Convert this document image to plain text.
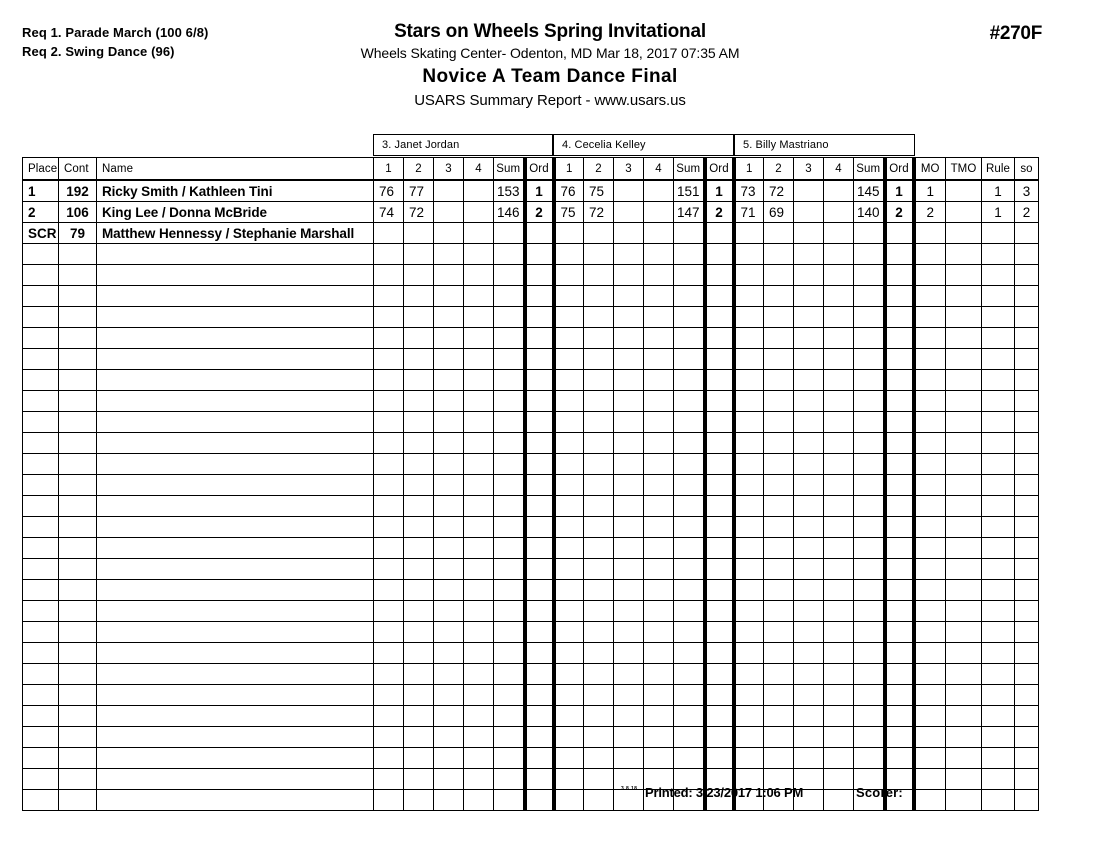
Req 1. Parade March (100 6/8)
Req 2. Swing Dance (96)
Stars on Wheels Spring Invitational
Wheels Skating Center- Odenton, MD Mar 18, 2017 07:35 AM
Novice A Team Dance Final
USARS Summary Report - www.usars.us
#270F
3. Janet Jordan	4. Cecelia Kelley	5. Billy Mastriano
Place	Cont	Name	1	2	3	4	Sum	Ord	1	2	3	4	Sum	Ord	1	2	3	4	Sum	Ord	MO	TMO	Rule	so
1	192	Ricky Smith / Kathleen Tini	76	77			153	1	76	75			151	1	73	72			145	1	1		1	3
2	106	King Lee / Donna McBride	74	72			146	2	75	72			147	2	71	69			140	2	2		1	2
SCR	79	Matthew Hennessy / Stephanie Marshall																						

3.8.18 Printed: 3/23/2017 1:06 PM	Scorer:
